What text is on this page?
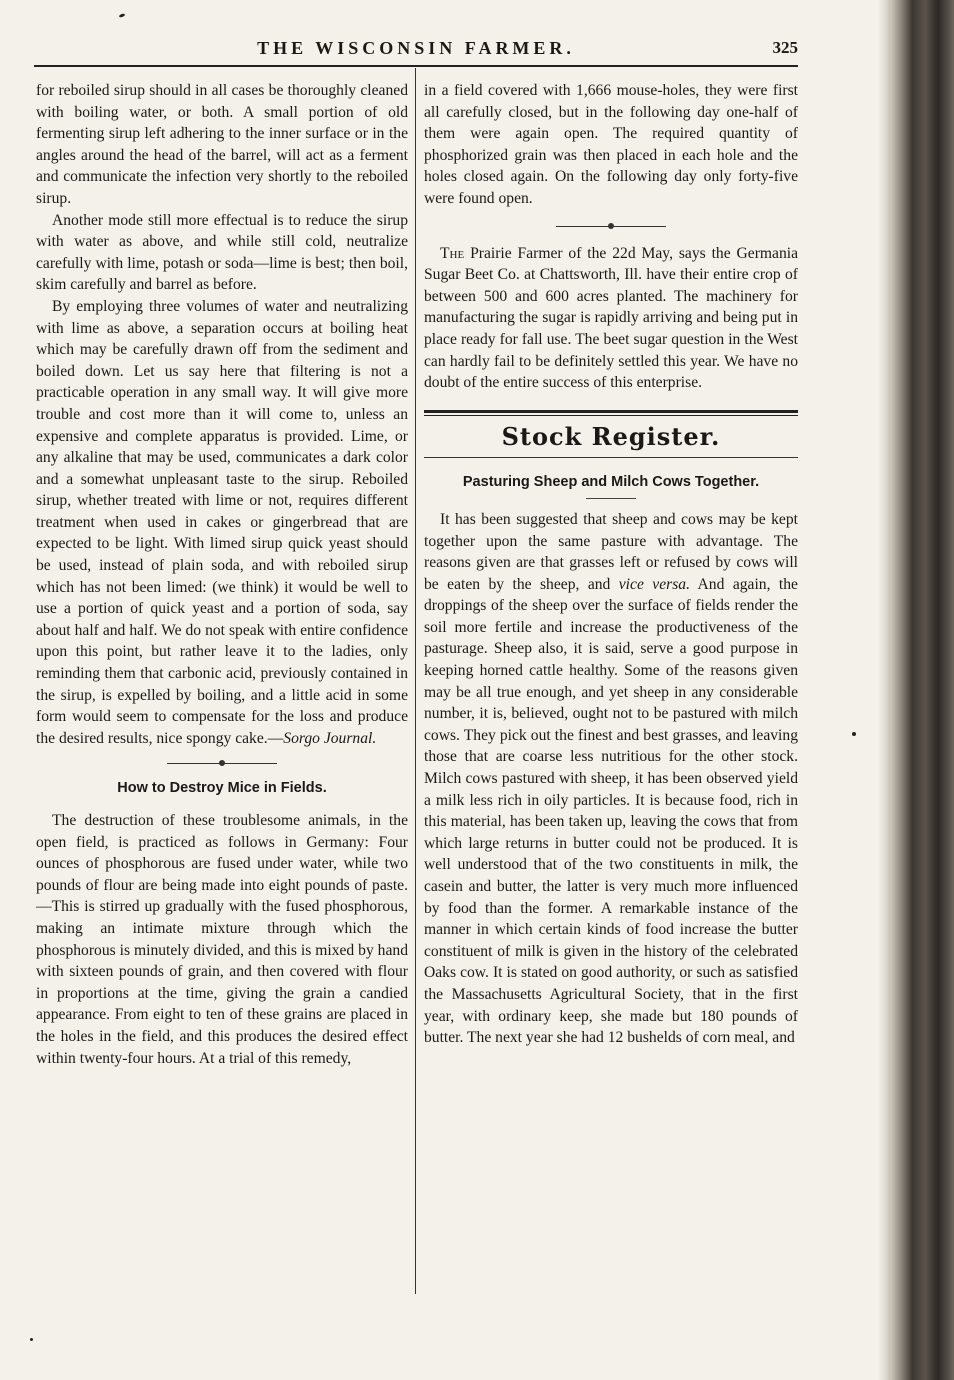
THE WISCONSIN FARMER.	325

for reboiled sirup should in all cases be thoroughly cleaned with boiling water, or both. A small portion of old fermenting sirup left adhering to the inner surface or in the angles around the head of the barrel, will act as a ferment and communicate the infection very shortly to the reboiled sirup.

Another mode still more effectual is to reduce the sirup with water as above, and while still cold, neutralize carefully with lime, potash or soda—lime is best; then boil, skim carefully and barrel as before.

By employing three volumes of water and neutralizing with lime as above, a separation occurs at boiling heat which may be carefully drawn off from the sediment and boiled down. Let us say here that filtering is not a practicable operation in any small way. It will give more trouble and cost more than it will come to, unless an expensive and complete apparatus is provided. Lime, or any alkaline that may be used, communicates a dark color and a somewhat unpleasant taste to the sirup. Reboiled sirup, whether treated with lime or not, requires different treatment when used in cakes or gingerbread that are expected to be light. With limed sirup quick yeast should be used, instead of plain soda, and with reboiled sirup which has not been limed: (we think) it would be well to use a portion of quick yeast and a portion of soda, say about half and half. We do not speak with entire confidence upon this point, but rather leave it to the ladies, only reminding them that carbonic acid, previously contained in the sirup, is expelled by boiling, and a little acid in some form would seem to compensate for the loss and produce the desired results, nice spongy cake.—Sorgo Journal.

How to Destroy Mice in Fields.

The destruction of these troublesome animals, in the open field, is practiced as follows in Germany: Four ounces of phosphorous are fused under water, while two pounds of flour are being made into eight pounds of paste.—This is stirred up gradually with the fused phosphorous, making an intimate mixture through which the phosphorous is minutely divided, and this is mixed by hand with sixteen pounds of grain, and then covered with flour in proportions at the time, giving the grain a candied appearance. From eight to ten of these grains are placed in the holes in the field, and this produces the desired effect within twenty-four hours. At a trial of this remedy,

in a field covered with 1,666 mouse-holes, they were first all carefully closed, but in the following day one-half of them were again open. The required quantity of phosphorized grain was then placed in each hole and the holes closed again. On the following day only forty-five were found open.

The Prairie Farmer of the 22d May, says the Germania Sugar Beet Co. at Chattsworth, Ill. have their entire crop of between 500 and 600 acres planted. The machinery for manufacturing the sugar is rapidly arriving and being put in place ready for fall use. The beet sugar question in the West can hardly fail to be definitely settled this year. We have no doubt of the entire success of this enterprise.

Stock Register.

Pasturing Sheep and Milch Cows Together.

It has been suggested that sheep and cows may be kept together upon the same pasture with advantage. The reasons given are that grasses left or refused by cows will be eaten by the sheep, and vice versa. And again, the droppings of the sheep over the surface of fields render the soil more fertile and increase the productiveness of the pasturage. Sheep also, it is said, serve a good purpose in keeping horned cattle healthy. Some of the reasons given may be all true enough, and yet sheep in any considerable number, it is, believed, ought not to be pastured with milch cows. They pick out the finest and best grasses, and leaving those that are coarse less nutritious for the other stock. Milch cows pastured with sheep, it has been observed yield a milk less rich in oily particles. It is because food, rich in this material, has been taken up, leaving the cows that from which large returns in butter could not be produced. It is well understood that of the two constituents in milk, the casein and butter, the latter is very much more influenced by food than the former. A remarkable instance of the manner in which certain kinds of food increase the butter constituent of milk is given in the history of the celebrated Oaks cow. It is stated on good authority, or such as satisfied the Massachusetts Agricultural Society, that in the first year, with ordinary keep, she made but 180 pounds of butter. The next year she had 12 bushelds of corn meal, and
